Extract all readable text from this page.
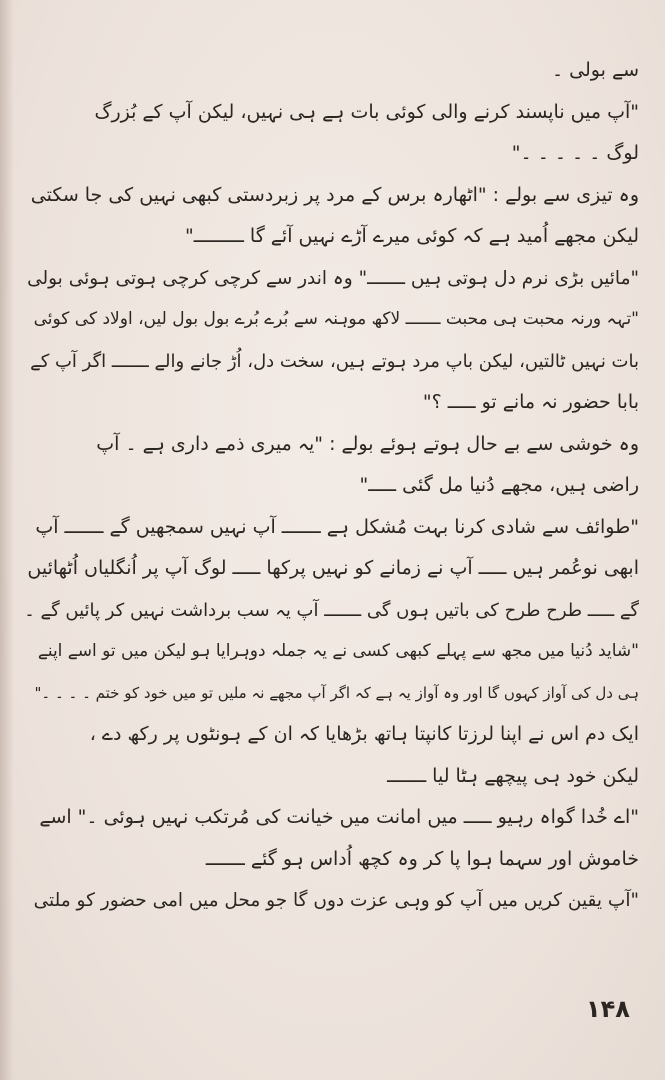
سے بولی ۔
"آپ میں ناپسند کرنے والی کوئی بات ہے ہی نہیں، لیکن آپ کے بُزرگ
لوگ ۔ ۔ ۔ ۔ ۔"
وہ تیزی سے بولے : "اٹھارہ برس کے مرد پر زبردستی کبھی نہیں کی جا سکتی
لیکن مجھے اُمید ہے کہ کوئی میرے آڑے نہیں آئے گا ـــــــــ"
"مائیں بڑی نرم دل ہوتی ہیں ـــــــ" وہ اندر سے کرچی کرچی ہوتی ہوئی بولی
"تہہ ورنہ محبت ہی محبت ـــــــ لاکھ موہنہ سے بُرے بُرے بول بول لیں، اولاد کی کوئی
بات نہیں ٹالتیں، لیکن باپ مرد ہوتے ہیں، سخت دل، اُڑ جانے والے ـــــــ اگر آپ کے
بابا حضور نہ مانے تو ـــــ ؟"
وہ خوشی سے بے حال ہوتے ہوئے بولے : "یہ میری ذمے داری ہے ۔ آپ
راضی ہیں، مجھے دُنیا مل گئی ـــــ"
"طوائف سے شادی کرنا بہت مُشکل ہے ـــــــ آپ نہیں سمجھیں گے ـــــــ آپ
ابھی نوعُمر ہیں ـــــ آپ نے زمانے کو نہیں پرکھا ـــــ لوگ آپ پر اُنگلیاں اُٹھائیں
گے ـــــ طرح طرح کی باتیں ہوں گی ـــــــ آپ یہ سب برداشت نہیں کر پائیں گے ۔
"شاید دُنیا میں مجھ سے پہلے کبھی کسی نے یہ جملہ دوہرایا ہو لیکن میں تو اسے اپنے
ہی دل کی آواز کہوں گا اور وہ آواز یہ ہے کہ اگر آپ مجھے نہ ملیں تو میں خود کو ختم ۔ ۔ ۔ ۔"
ایک دم اس نے اپنا لرزتا کانپتا ہاتھ بڑھایا کہ ان کے ہونٹوں پر رکھ دے ،
لیکن خود ہی پیچھے ہٹا لیا ـــــــ
"اے خُدا گواہ رہیو ـــــ میں امانت میں خیانت کی مُرتکب نہیں ہوئی ۔" اسے
خاموش اور سہما ہوا پا کر وہ کچھ اُداس ہو گئے ـــــــ
"آپ یقین کریں میں آپ کو وہی عزت دوں گا جو محل میں امی حضور کو ملتی
۱۴۸
